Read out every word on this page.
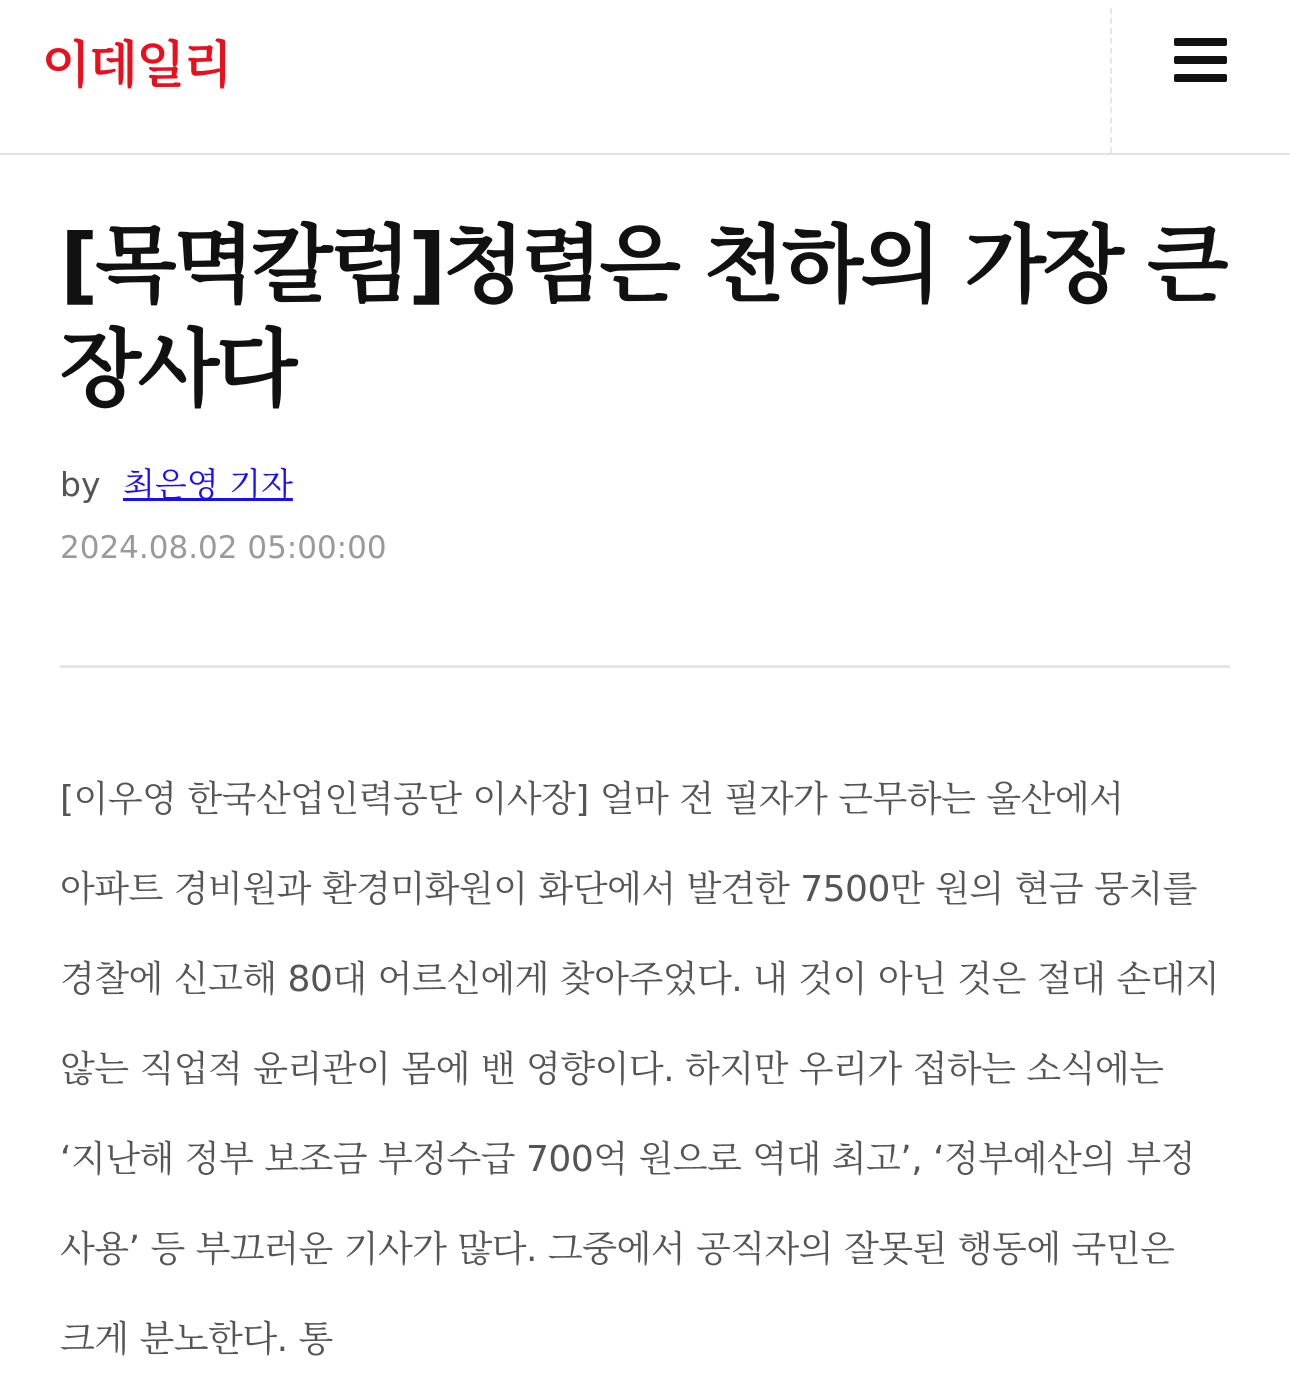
이데일리
[목멱칼럼]청렴은 천하의 가장 큰 장사다
by 최은영 기자
2024.08.02 05:00:00

[이우영 한국산업인력공단 이사장] 얼마 전 필자가 근무하는 울산에서 아파트 경비원과 환경미화원이 화단에서 발견한 7500만 원의 현금 뭉치를 경찰에 신고해 80대 어르신에게 찾아주었다. 내 것이 아닌 것은 절대 손대지 않는 직업적 윤리관이 몸에 밴 영향이다. 하지만 우리가 접하는 소식에는 ‘지난해 정부 보조금 부정수급 700억 원으로 역대 최고’, ‘정부예산의 부정 사용’ 등 부끄러운 기사가 많다. 그중에서 공직자의 잘못된 행동에 국민은 크게 분노한다. 통
